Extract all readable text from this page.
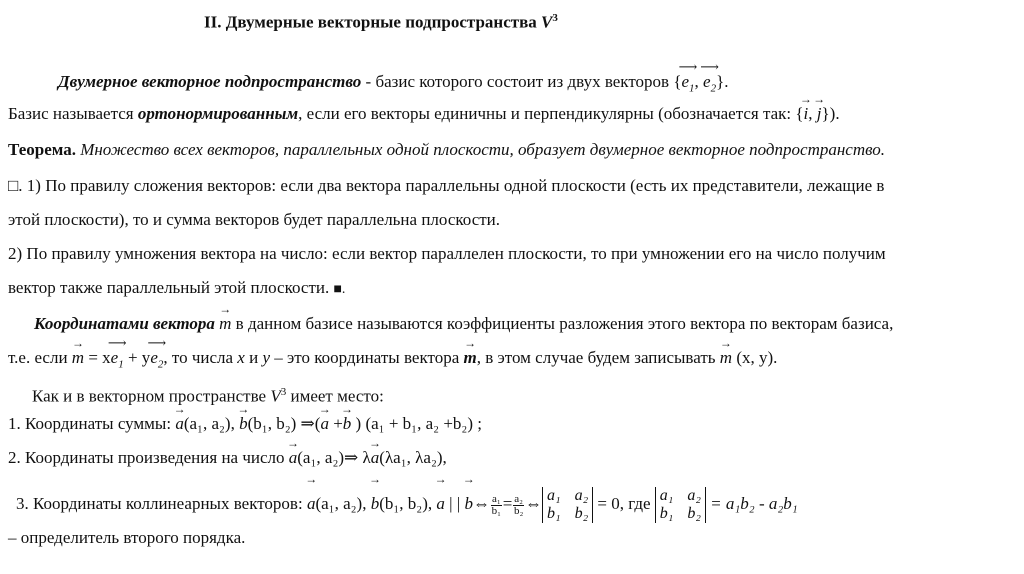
II. Двумерные векторные подпространства $V^3$
Двумерное векторное подпространство - базис которого состоит из двух векторов {⟶ $e_1$, ⟶ $e_2$}.
Базис называется ортонормированным, если его векторы единичны и перпендикулярны (обозначается так: {→ i, → j}).
Теорема. Множество всех векторов, параллельных одной плоскости, образует двумерное векторное подпространство.
□. 1) По правилу сложения векторов: если два вектора параллельны одной плоскости (есть их представители, лежащие в
этой плоскости), то и сумма векторов будет параллельна плоскости.
2) По правилу умножения вектора на число: если вектор параллелен плоскости, то при умножении его на число получим
вектор также параллельный этой плоскости. ■.
Координатами вектора → m в данном базисе называются коэффициенты разложения этого вектора по векторам базиса,
т.е. если → m = x⟶ $e_1$ + y⟶ $e_2$, то числа x и y – это координаты вектора → m, в этом случае будем записывать → m (x, y).
Как и в векторном пространстве $V^3$ имеет место:
1. Координаты суммы: → a(a₁, a₂), → b(b₁, b₂) ⇒(→ a +→ b ) (a₁ + b₁, a₂ +b₂) ;
2. Координаты произведения на число → a(a₁, a₂)⇒ λ→ a(λa₁, λa₂),
3. Координаты коллинеарных векторов: → a(a₁, a₂), → b(b₁, b₂), → a | | → b⇔ $\frac{\text{a₁}}{\text{b₁}} = \frac{\text{a₂}}{\text{b₂}}$ ⇔ a₁ a₂
b₁ b₂
= 0, где a₁ a₂
b₁ b₂
= a₁b₂ - a₂b₁
– определитель второго порядка.
